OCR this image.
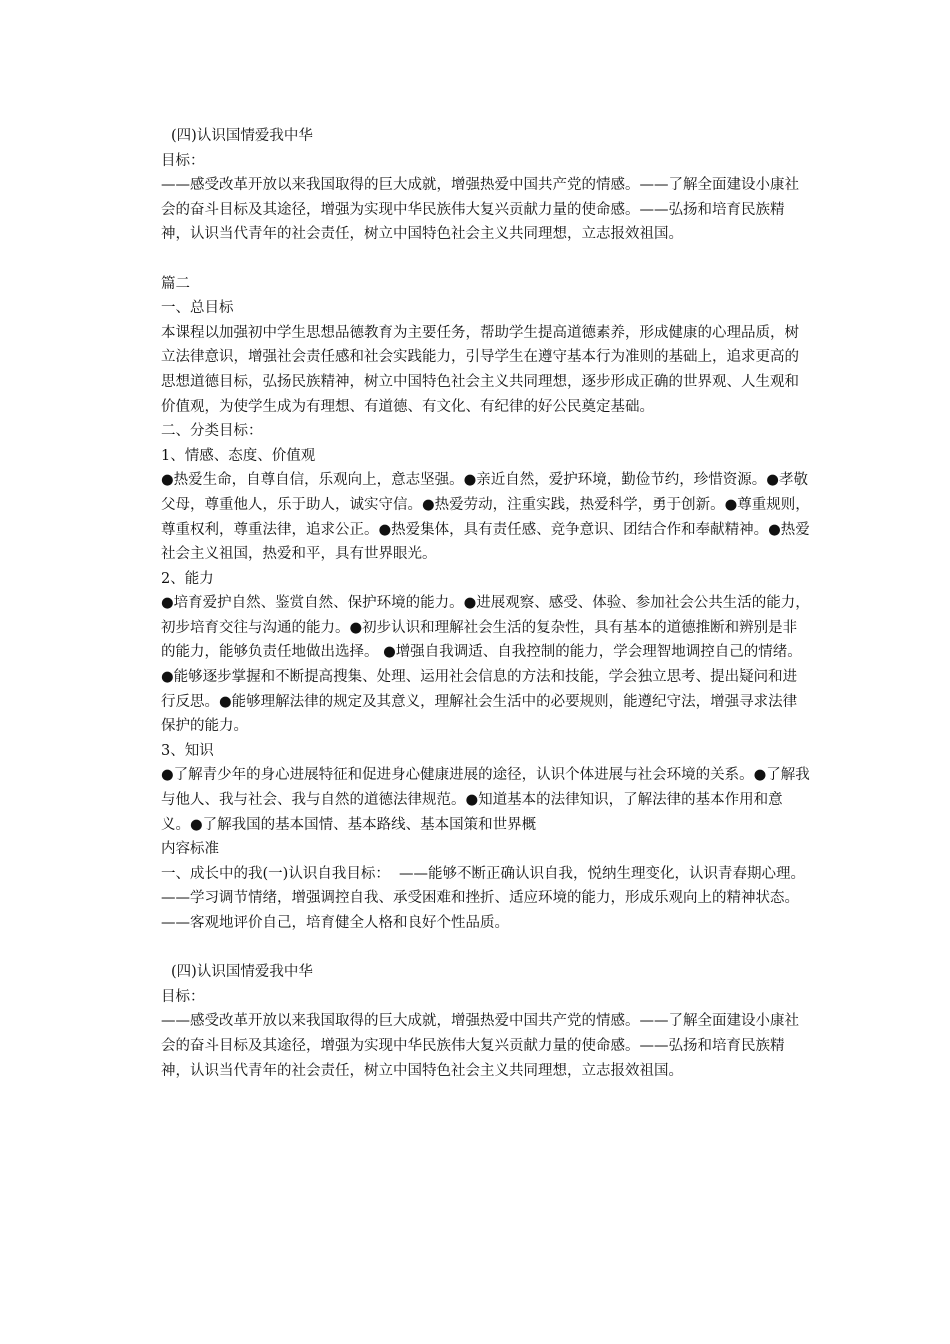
(四)认识国情爱我中华

目标：

——感受改革开放以来我国取得的巨大成就，增强热爱中国共产党的情感。——了解全面建设小康社会的奋斗目标及其途径，增强为实现中华民族伟大复兴贡献力量的使命感。——弘扬和培育民族精神，认识当代青年的社会责任，树立中国特色社会主义共同理想，立志报效祖国。

篇二

一、总目标

本课程以加强初中学生思想品德教育为主要任务，帮助学生提高道德素养，形成健康的心理品质，树立法律意识，增强社会责任感和社会实践能力，引导学生在遵守基本行为准则的基础上，追求更高的思想道德目标，弘扬民族精神，树立中国特色社会主义共同理想，逐步形成正确的世界观、人生观和价值观，为使学生成为有理想、有道德、有文化、有纪律的好公民奠定基础。

二、分类目标：

1、情感、态度、价值观

●热爱生命，自尊自信，乐观向上，意志坚强。●亲近自然，爱护环境，勤俭节约，珍惜资源。●孝敬父母，尊重他人，乐于助人，诚实守信。●热爱劳动，注重实践，热爱科学，勇于创新。●尊重规则，尊重权利，尊重法律，追求公正。●热爱集体，具有责任感、竞争意识、团结合作和奉献精神。●热爱社会主义祖国，热爱和平，具有世界眼光。

2、能力

●培育爱护自然、鉴赏自然、保护环境的能力。●进展观察、感受、体验、参加社会公共生活的能力，初步培育交往与沟通的能力。●初步认识和理解社会生活的复杂性，具有基本的道德推断和辨别是非的能力，能够负责任地做出选择。 ●增强自我调适、自我控制的能力，学会理智地调控自己的情绪。●能够逐步掌握和不断提高搜集、处理、运用社会信息的方法和技能，学会独立思考、提出疑问和进行反思。●能够理解法律的规定及其意义，理解社会生活中的必要规则，能遵纪守法，增强寻求法律保护的能力。

3、知识

●了解青少年的身心进展特征和促进身心健康进展的途径，认识个体进展与社会环境的关系。●了解我与他人、我与社会、我与自然的道德法律规范。●知道基本的法律知识，了解法律的基本作用和意义。●了解我国的基本国情、基本路线、基本国策和世界概

内容标准

一、成长中的我(一)认识自我目标：  ——能够不断正确认识自我，悦纳生理变化，认识青春期心理。——学习调节情绪，增强调控自我、承受困难和挫折、适应环境的能力，形成乐观向上的精神状态。——客观地评价自己，培育健全人格和良好个性品质。

(四)认识国情爱我中华

目标：

——感受改革开放以来我国取得的巨大成就，增强热爱中国共产党的情感。——了解全面建设小康社会的奋斗目标及其途径，增强为实现中华民族伟大复兴贡献力量的使命感。——弘扬和培育民族精神，认识当代青年的社会责任，树立中国特色社会主义共同理想，立志报效祖国。
